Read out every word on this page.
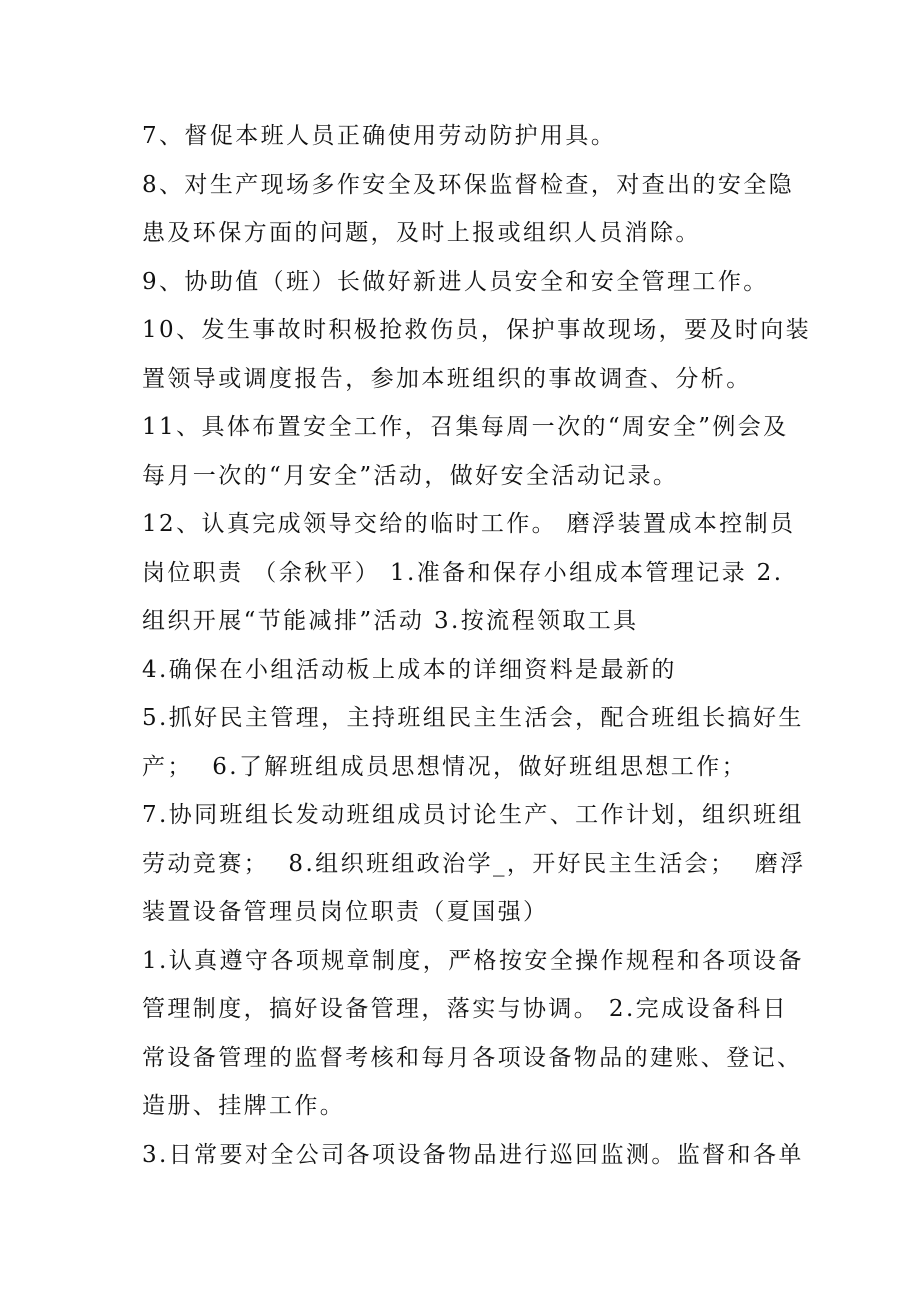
7、督促本班人员正确使用劳动防护用具。
8、对生产现场多作安全及环保监督检查，对查出的安全隐
患及环保方面的问题，及时上报或组织人员消除。
9、协助值（班）长做好新进人员安全和安全管理工作。
10、发生事故时积极抢救伤员，保护事故现场，要及时向装
置领导或调度报告，参加本班组织的事故调查、分析。
11、具体布置安全工作，召集每周一次的“周安全”例会及
每月一次的“月安全”活动，做好安全活动记录。
12、认真完成领导交给的临时工作。 磨浮装置成本控制员
岗位职责 （余秋平） 1.准备和保存小组成本管理记录 2.
组织开展“节能减排”活动 3.按流程领取工具
4.确保在小组活动板上成本的详细资料是最新的
5.抓好民主管理，主持班组民主生活会，配合班组长搞好生
产；  6.了解班组成员思想情况，做好班组思想工作；
7.协同班组长发动班组成员讨论生产、工作计划，组织班组
劳动竞赛；  8.组织班组政治学_，开好民主生活会；  磨浮
装置设备管理员岗位职责（夏国强）
1.认真遵守各项规章制度，严格按安全操作规程和各项设备
管理制度，搞好设备管理，落实与协调。 2.完成设备科日
常设备管理的监督考核和每月各项设备物品的建账、登记、
造册、挂牌工作。
3.日常要对全公司各项设备物品进行巡回监测。监督和各单
